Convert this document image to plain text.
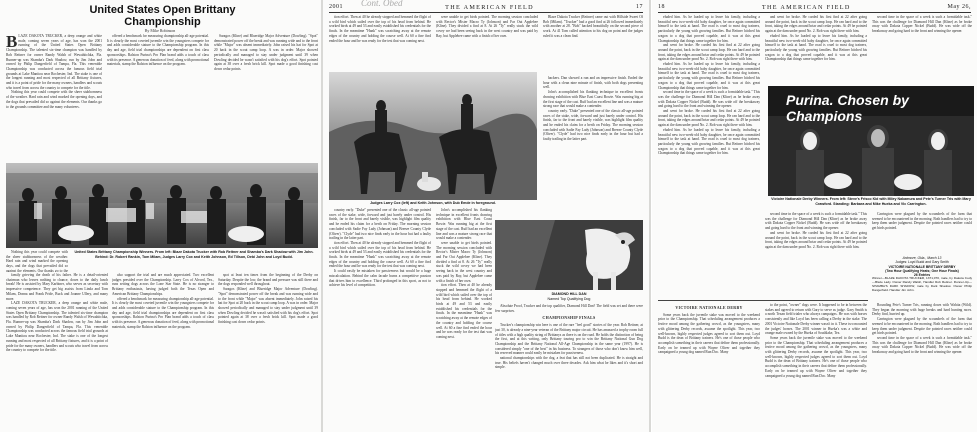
United States Open Brittany
Championship
By Mike Robinson
B LAZE DAKOTA TRUCKER, a deep orange and white male, coming seven years of age, has won the 2001 running of the United States Open Brittany Championship. The talented six-time champion was handled by Rob Reitner for owner Randy Walsh of Wewahitchka, Fla. Runner-up was Shamba's Dark Shadow, run by Jim John and owned by Philip Dangerfield of Tampa, Fla. This venerable Championship was conducted across the famous field trial grounds at Lake Manitou near Rochester, Ind. The stake is one of the longest running and most respected of all Brittany fixtures, and it is a point of pride for the many owners, handlers and scouts who travel from across the country to compete for the title.

Nothing this year could compete with the sheer stubbornness of the weather. Hard rain and wind marked the opening days, and the dogs that prevailed did so against the elements. Our thanks go to the grounds committee and the many volunteers.

offered a benchmark for measuring championship all-age potential. It is clearly the most coveted juvenile win the youngsters compete for and adds considerable stature to the Championship program. In this day and age, field trial championships are dependent on first class sponsorships. Ralston Purina's Pro Plan brand adds a touch of class with its presence. A generous donation of feed, along with promotional materials, stamp the Ralston influence on the program.

Saragos (Kline) and Blueridge Major Adventure (Dowling). "Spot" demonstrated power off the break and was running wide and to the front while "Major" was absent immediately. John raised his hat for Spot at 20 back in the scout camp loop. A was in order. Major showed periodically and managed to stay under judgment until 39 when Dowling decided he wasn't satisfied with his dog's effort. Spot pointed again at 38 over a fresh brick kill. Spot made a good finishing cast down cedar points.

United States Brittany Championship Winners. From left: Blaze Dakota Trucker with Rob Reitner and Shamba's Dark Shadow with Jim John. Behind: Dr. Robert Rankin, Tom Milam, Judges Larry Cox and Keith Johnson, Ed Tillson, Debi John and Loyd Budd.

Nothing this year could compete with the sheer stubbornness of the weather. Hard rain and wind marked the opening days, and the dogs that prevailed did so against the elements. Our thanks go to the

family grieving the death of his father. He is a detail-oriented chairman who leaves nothing to chance, down to the daily lunch break! He is assisted by Mary Karbiner, who serves as secretary with impressive competence. They get big assists from Linda and Tom Milam, Donna and Frank Pride, Buck and Joanne Ullery, and many more.

LAZE DAKOTA TRUCKER, a deep orange and white male, coming seven years of age, has won the 2001 running of the United States Open Brittany Championship. The talented six-time champion was handled by Rob Reitner for owner Randy Walsh of Wewahitchka, Fla. Runner-up was Shamba's Dark Shadow, run by Jim John and owned by Philip Dangerfield of Tampa, Fla. This venerable Championship was conducted across the famous field trial grounds at Lake Manitou near Rochester, Ind. The stake is one of the longest running and most respected of all Brittany fixtures, and it is a point of pride for the many owners, handlers and scouts who travel from across the country to compete for the title.

also support the trial and are much appreciated. Two excellent judges presided over the Championship. Larry Cox of Alvord, Tex., runs setting dogs across the Lone Star State. He is no stranger to Brittany enthusiasts, having judged both the Texas Open and American Brittany Championships.

offered a benchmark for measuring championship all-age potential. It is clearly the most coveted juvenile win the youngsters compete for and adds considerable stature to the Championship program. In this day and age, field trial championships are dependent on first class sponsorships. Ralston Purina's Pro Plan brand adds a touch of class with its presence. A generous donation of feed, along with promotional materials, stamp the Ralston influence on the program.

spot at least ten times from the beginning of the Derby on Saturday. Despite the low, the brand and pressure was still there and the dogs responded well throughout.

Saragos (Kline) and Blueridge Major Adventure (Dowling). "Spot" demonstrated power off the break and was running wide and to the front while "Major" was absent immediately. John raised his hat for Spot at 20 back in the scout camp loop. A was in order. Major showed periodically and managed to stay under judgment until 39 when Dowling decided he wasn't satisfied with his dog's effort. Spot pointed again at 38 over a fresh brick kill. Spot made a good finishing cast down cedar points.

2001	THE AMERICAN FIELD	17
Cont. Obed

tion effort. Then at 40 he already stopped and hemmed the flight of a wild bird which sailed over the top of his head from behind. He worked birds at 49 and 53 and easily established his credentials for the finals. In the meantime "Hank" was scratching away at the remote edges of the country and holding the course well. At 60 a fine find ended the hour and he was ready for the test that was coming next.

were unable to get birds pointed. The morning session concluded with Rector's Mister Macro Ty (Johnson) and Far Out Applebee (Kline). They divided a find at 8. At 26 "Ty" really stuck the wild covey we had been seeing back in the west country and was paid by Ray, but Applebee came with a finish of her own.

Blaze Dakota Trucker (Reitner) came out with Hillside Sweet Of Bob (Milam). "Trucker" had a good find at 26 followed immediately with another at 28. "Bob" backed beautifully on the second piece of work. At 41 Tom called attention to his dog on point and the judges ruled it was a clean find.

Judges Larry Cox (left) and Keith Johnson, with Dub Emde in foreground.

hackers. Dan showed a run and an impressive finish. Ended the hour with a clean nine minute of finish, with both dogs presenting well.

John's accomplished his flanking technique in excellent fronts drawing exhibition with Blue East Coast Bowie. Was running big at the first stage of the cast. Ruff had an excellent line and was a mature strong race that would make a contender.

country early. "Duke" presented one of the classic all-age pointed races of the stake, wide, forward and just barely under control. His finish, far to the front and barely visible, was highlight film quality and he ended his claim for a berth on Friday. The morning session concluded with Sadie Fay Lady (Johnson) and Breeze County Clyde (Oliver). "Clyde" had two nice finds early in the hour but had a faulty trailing in the latter part.

country early. "Duke" presented one of the classic all-age pointed races of the stake, wide, forward and just barely under control. His finish, far to the front and barely visible, was highlight film quality and he ended his claim for a berth on Friday. The morning session concluded with Sadie Fay Lady (Johnson) and Breeze County Clyde (Oliver). "Clyde" had two nice finds early in the hour but had a faulty trailing in the latter part.

tion effort. Then at 40 he already stopped and hemmed the flight of a wild bird which sailed over the top of his head from behind. He worked birds at 49 and 53 and easily established his credentials for the finals. In the meantime "Hank" was scratching away at the remote edges of the country and holding the course well. At 60 a fine find ended the hour and he was ready for the test that was coming next.

It could easily be mistaken for passiveness but would be a huge miscalculation. Behind the calm facade burns a competitive passion that drives him to excellence. Third prolonged in this sport, as not to achieve his level of competition.

John's accomplished his flanking technique in excellent fronts drawing exhibition with Blue East Coast Bowie. Was running big at the first stage of the cast. Ruff had an excellent line and was a mature strong race that would make a contender.

were unable to get birds pointed. The morning session concluded with Rector's Mister Macro Ty (Johnson) and Far Out Applebee (Kline). They divided a find at 8. At 26 "Ty" really stuck the wild covey we had been seeing back in the west country and was paid by Ray, but Applebee came with a finish of her own.

tion effort. Then at 40 he already stopped and hemmed the flight of a wild bird which sailed over the top of his head from behind. He worked birds at 49 and 53 and easily established his credentials for the finals. In the meantime "Hank" was scratching away at the remote edges of the country and holding the course well. At 60 a fine find ended the hour and he was ready for the test that was coming next.

DIAMOND HILL DAN
Named Top Qualifying Dog

Absolute Proof, Trucker and the top qualifier, Diamond Hill Dan? The field was set and there were few surprises.

CHAMPIONSHIP FINALS

Trucker's championship win here is one of the rare "feel good" stories of the year. Rob Reitner, at just 30, is already a nine-year veteran of the Brittany major circuit. He has amassed a trophy room full of titles with a high quality string of Brittanys as there is on the road. He holds the distinction of being the first, and at this writing, only Brittany touring pro to win the Brittany National Gun Dog Championship and the Brittany National All-Age Championship in the same year (1997). He is considered simply "one of the best" in his business. To strangers of those who don't know him well, his reserved manner could easily be mistaken for passiveness.

national championships with the dog, a feat that has still not been duplicated. He is straight and true. His beliefs haven't changed much over three decades. Ask him what he likes and it's short and simple.

18	THE AMERICAN FIELD	May 26,

eluded him. As he loaded up to leave his family, including a beautiful new two-week-old baby daughter, he once again committed himself to the task at hand. The road is cruel to most dog trainers, particularly the young with growing families. But Reitner hitched his wagon to a dog that proved capable, and it was at this great Championship that things came together for him.

and went for broke. He carded his first find at 22 after going around the point, back in the scout camp loop. He ran hard and to the front, taking the edges around briar and cedar points. At 49 he pointed again at the dam under pond No. 2. Rob was right there with him.

eluded him. As he loaded up to leave his family, including a beautiful new two-week-old baby daughter, he once again committed himself to the task at hand. The road is cruel to most dog trainers, particularly the young with growing families. But Reitner hitched his wagon to a dog that proved capable, and it was at this great Championship that things came together for him.

second time in the space of a week is such a formidable task." This was the challenge for Diamond Hill Dan (Kline) as he broke away with Dakota Copper Nickel (Budd). He was wide off the breakaway and going hard to the front and winning the opener.

and went for broke. He carded his first find at 22 after going around the point, back in the scout camp loop. He ran hard and to the front, taking the edges around briar and cedar points. At 49 he pointed again at the dam under pond No. 2. Rob was right there with him.

eluded him. As he loaded up to leave his family, including a beautiful new two-week-old baby daughter, he once again committed himself to the task at hand. The road is cruel to most dog trainers, particularly the young with growing families. But Reitner hitched his wagon to a dog that proved capable, and it was at this great Championship that things came together for him.

and went for broke. He carded his first find at 22 after going around the point, back in the scout camp loop. He ran hard and to the front, taking the edges around briar and cedar points. At 49 he pointed again at the dam under pond No. 2. Rob was right there with him.

eluded him. As he loaded up to leave his family, including a beautiful new two-week-old baby daughter, he once again committed himself to the task at hand. The road is cruel to most dog trainers, particularly the young with growing families. But Reitner hitched his wagon to a dog that proved capable, and it was at this great Championship that things came together for him.

second time in the space of a week is such a formidable task." This was the challenge for Diamond Hill Dan (Kline) as he broke away with Dakota Copper Nickel (Budd). He was wide off the breakaway and going hard to the front and winning the opener.

Purina. Chosen by Champions
Victoire Nationale Derby Winners. From left: Steve's Frisco Kid with Miley Nakamura and Pete's Turner Tris with Mary Crawford. Standing: Barbara and Mike Hueka and Vic Carrington.

second time in the space of a week is such a formidable task." This was the challenge for Diamond Hill Dan (Kline) as he broke away with Dakota Copper Nickel (Budd). He was wide off the breakaway and going hard to the front and winning the opener.

and went for broke. He carded his first find at 22 after going around the point, back in the scout camp loop. He ran hard and to the front, taking the edges around briar and cedar points. At 49 he pointed again at the dam under pond No. 2. Rob was right there with him.

Carrington were plagued by the scoundrels of the farm that seemed to be encountered in the morning. Both handlers had to try to keep them under judgment. Despite the pointed races neither could get birds pointed.

Ardmore, Okla., March 13
Judges: Loyd Budd and Gary Smith
VICTOIRE NATIONALE BRITTANY DERBY
(Two Hour Qualifying Heats; One Hour Finals)
26 Entries
Winner—BLAZE DAKOTA TRUCKER, 1371,070, male, by Dakota Cody—Blaze Lady. Owner Randy Walsh, Handler Rob Reitner. Runner-Up—SHAMBA'S DARK SHADOW, male by Dark Shadow. Owner Philip Dangerfield. Handler Jim John.
VICTOIRE NATIONALE DERBY

Some years back the juvenile stake was moved to the weekend prior to the Championship. That scheduling arrangement produces a festive mood among the gathering crowd, as the youngsters, many with glittering Derby records, assume the spotlight. This year, two well-known, highly respected judges agreed to sort them out. Loyd Budd is the dean of Brittany trainers. He's one of those people who accomplish something in their careers that define them professionally. Early on he teamed up with Wayne Oliver and together they campaigned a young dog named Run Doc. Many

to the point, "owner" dogs were. It happened to be in between the stakes and agreed to return with Gary to serve as judge. Gary Smith is a north Texan field trialer who always campaigns. He was with horses consistently and like Loyd has been calling a Derby in the stake. The 2001 Victoire Nationale Derby winner wasn't in it. These two mounted the judges' horses. The 2001 winner in Hueka's was a white and orange male owned by the Hueka of Southlake, Tex.

Some years back the juvenile stake was moved to the weekend prior to the Championship. That scheduling arrangement produces a festive mood among the gathering crowd, as the youngsters, many with glittering Derby records, assume the spotlight. This year, two well-known, highly respected judges agreed to sort them out. Loyd Budd is the dean of Brittany trainers. He's one of those people who accomplish something in their careers that define them professionally. Early on he teamed up with Wayne Oliver and together they campaigned a young dog named Run Doc. Many

Rounding Pete's Turner Tris, running down with Wahita (Wild). They began the morning with huge breaks and hard hunting races. Derby find, hurried up.

Carrington were plagued by the scoundrels of the farm that seemed to be encountered in the morning. Both handlers had to try to keep them under judgment. Despite the pointed races neither could get birds pointed.

second time in the space of a week is such a formidable task." This was the challenge for Diamond Hill Dan (Kline) as he broke away with Dakota Copper Nickel (Budd). He was wide off the breakaway and going hard to the front and winning the opener.
